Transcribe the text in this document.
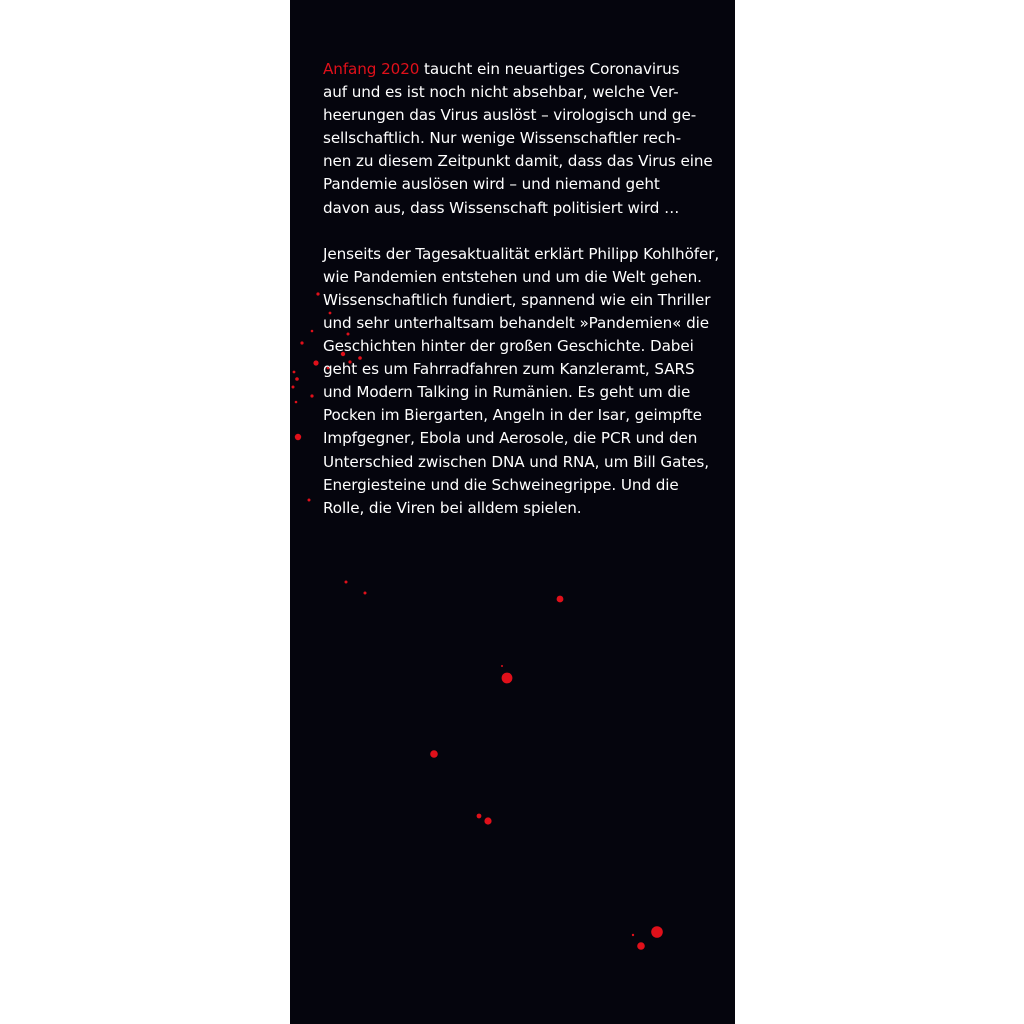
Anfang 2020 taucht ein neuartiges Coronavirus
auf und es ist noch nicht absehbar, welche Ver-
heerungen das Virus auslöst – virologisch und ge-
sellschaftlich. Nur wenige Wissenschaftler rech-
nen zu diesem Zeitpunkt damit, dass das Virus eine
Pandemie auslösen wird – und niemand geht
davon aus, dass Wissenschaft politisiert wird …
Jenseits der Tagesaktualität erklärt Philipp Kohlhöfer,
wie Pandemien entstehen und um die Welt gehen.
Wissenschaftlich fundiert, spannend wie ein Thriller
und sehr unterhaltsam behandelt »Pandemien« die
Geschichten hinter der großen Geschichte. Dabei
geht es um Fahrradfahren zum Kanzleramt, SARS
und Modern Talking in Rumänien. Es geht um die
Pocken im Biergarten, Angeln in der Isar, geimpfte
Impfgegner, Ebola und Aerosole, die PCR und den
Unterschied zwischen DNA und RNA, um Bill Gates,
Energiesteine und die Schweinegrippe. Und die
Rolle, die Viren bei alldem spielen.
